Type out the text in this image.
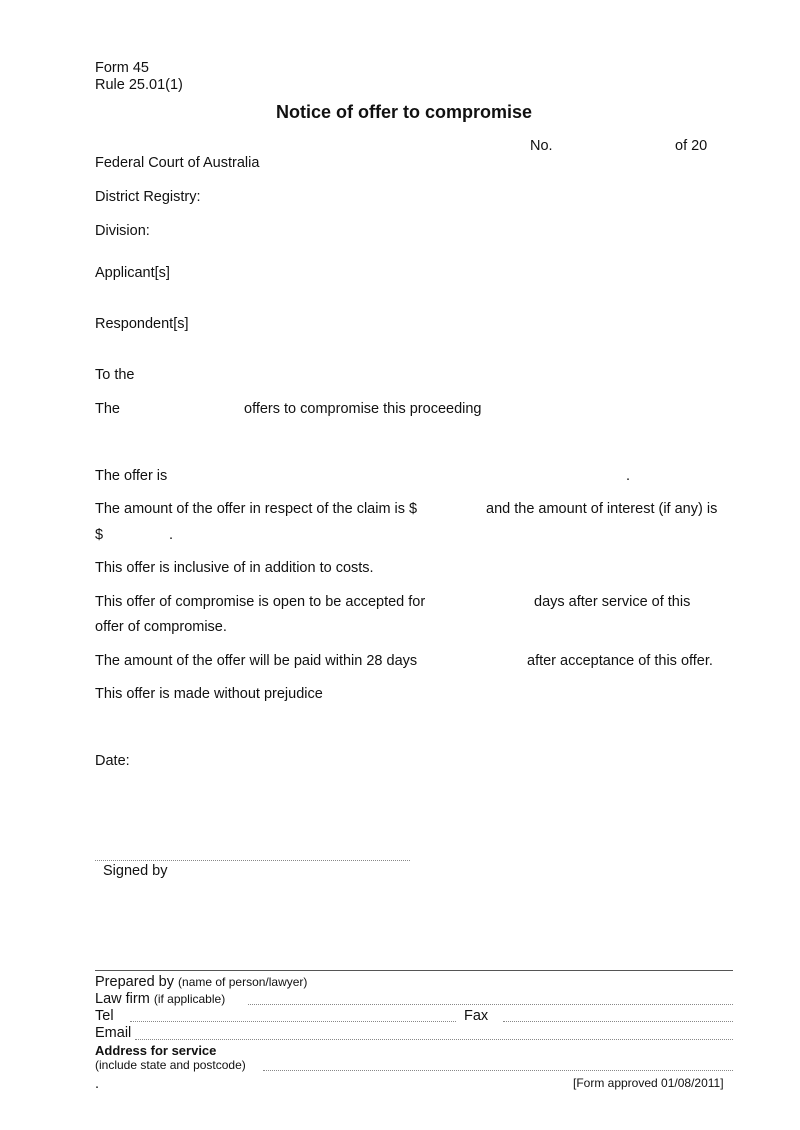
Form 45
Rule 25.01(1)
Notice of offer to compromise
No.	of 20
Federal Court of Australia
District Registry:
Division:
Applicant[s]
Respondent[s]
To the
The	offers to compromise this proceeding
The offer is	.
The amount of the offer in respect of the claim is $	and the amount of interest (if any) is
$	.
This offer is inclusive of in addition to costs.
This offer of compromise is open to be accepted for	days after service of this
offer of compromise.
The amount of the offer will be paid within 28 days	after acceptance of this offer.
This offer is made without prejudice
Date:
Signed by
Prepared by (name of person/lawyer)
Law firm (if applicable)
Tel	Fax
Email
Address for service
(include state and postcode)
.	[Form approved 01/08/2011]
